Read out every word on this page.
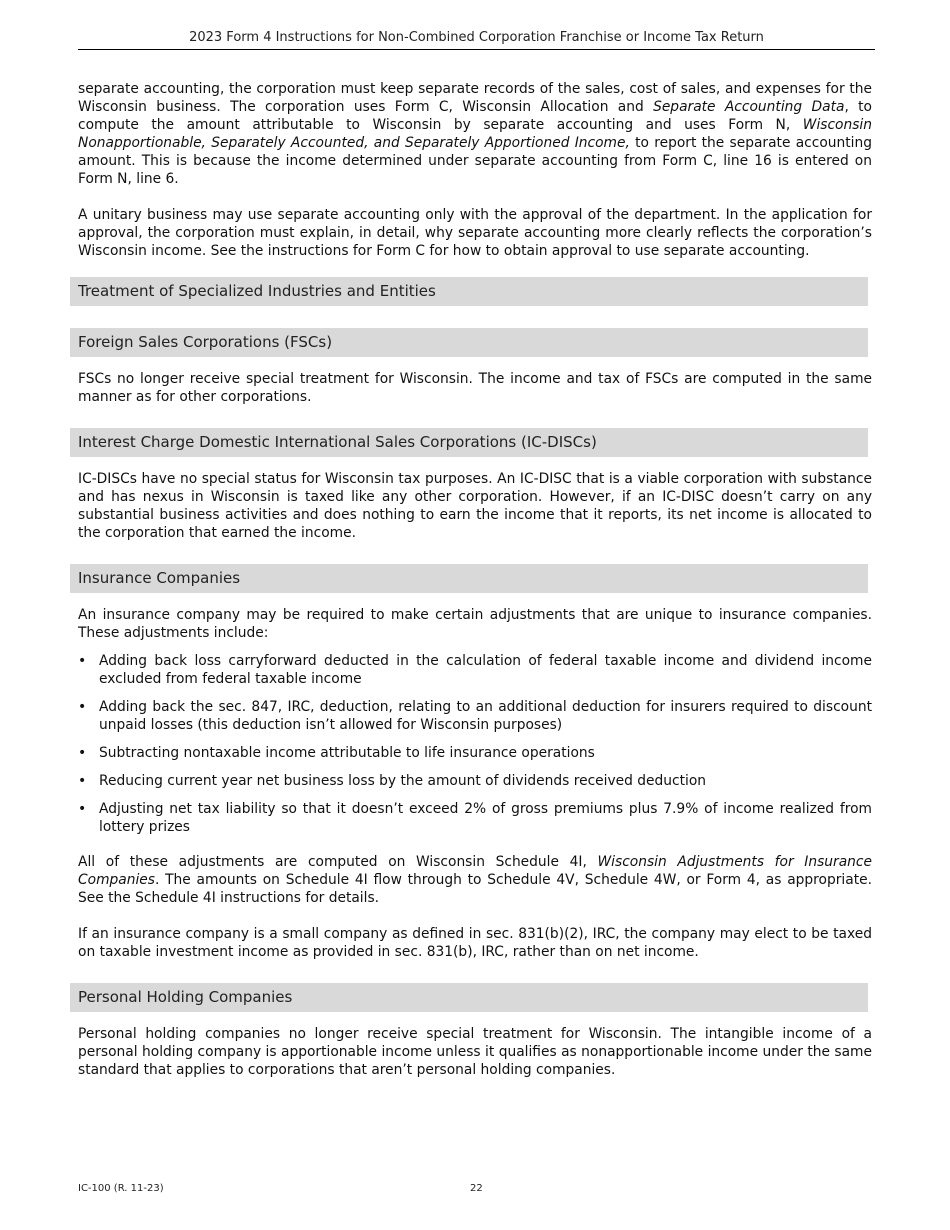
2023 Form 4 Instructions for Non-Combined Corporation Franchise or Income Tax Return

separate accounting, the corporation must keep separate records of the sales, cost of sales, and expenses for the Wisconsin business. The corporation uses Form C, Wisconsin Allocation and Separate Accounting Data, to compute the amount attributable to Wisconsin by separate accounting and uses Form N, Wisconsin Nonapportionable, Separately Accounted, and Separately Apportioned Income, to report the separate accounting amount. This is because the income determined under separate accounting from Form C, line 16 is entered on Form N, line 6.

A unitary business may use separate accounting only with the approval of the department. In the application for approval, the corporation must explain, in detail, why separate accounting more clearly reflects the corporation’s Wisconsin income. See the instructions for Form C for how to obtain approval to use separate accounting.

Treatment of Specialized Industries and Entities
Foreign Sales Corporations (FSCs)

FSCs no longer receive special treatment for Wisconsin. The income and tax of FSCs are computed in the same manner as for other corporations.

Interest Charge Domestic International Sales Corporations (IC-DISCs)

IC-DISCs have no special status for Wisconsin tax purposes. An IC-DISC that is a viable corporation with substance and has nexus in Wisconsin is taxed like any other corporation. However, if an IC-DISC doesn’t carry on any substantial business activities and does nothing to earn the income that it reports, its net income is allocated to the corporation that earned the income.

Insurance Companies

An insurance company may be required to make certain adjustments that are unique to insurance companies. These adjustments include:

• Adding back loss carryforward deducted in the calculation of federal taxable income and dividend income excluded from federal taxable income
• Adding back the sec. 847, IRC, deduction, relating to an additional deduction for insurers required to discount unpaid losses (this deduction isn’t allowed for Wisconsin purposes)
• Subtracting nontaxable income attributable to life insurance operations
• Reducing current year net business loss by the amount of dividends received deduction
• Adjusting net tax liability so that it doesn’t exceed 2% of gross premiums plus 7.9% of income realized from lottery prizes

All of these adjustments are computed on Wisconsin Schedule 4I, Wisconsin Adjustments for Insurance Companies. The amounts on Schedule 4I flow through to Schedule 4V, Schedule 4W, or Form 4, as appropriate. See the Schedule 4I instructions for details.

If an insurance company is a small company as defined in sec. 831(b)(2), IRC, the company may elect to be taxed on taxable investment income as provided in sec. 831(b), IRC, rather than on net income.

Personal Holding Companies

Personal holding companies no longer receive special treatment for Wisconsin. The intangible income of a personal holding company is apportionable income unless it qualifies as nonapportionable income under the same standard that applies to corporations that aren’t personal holding companies.

IC-100 (R. 11-23)	22
